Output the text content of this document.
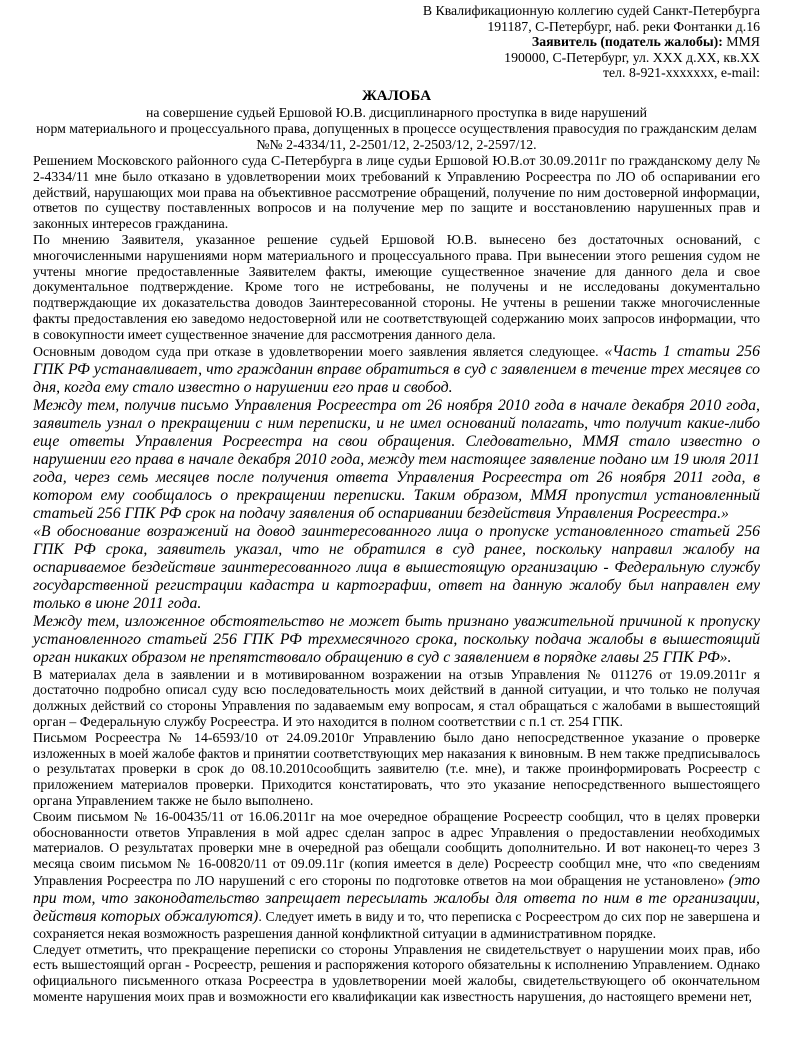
В Квалификационную коллегию судей Санкт-Петербурга
191187, С-Петербург, наб. реки Фонтанки д.16
Заявитель (податель жалобы): ММЯ
190000, С-Петербург, ул. ХХХ д.ХХ, кв.ХХ
тел. 8-921-xxxxxxx, e-mail:
ЖАЛОБА
на совершение судьей Ершовой Ю.В. дисциплинарного проступка в виде нарушений
норм материального и процессуального права, допущенных в процессе осуществления правосудия по гражданским делам
№№ 2-4334/11, 2-2501/12, 2-2503/12, 2-2597/12.

Решением Московского районного суда С-Петербурга в лице судьи Ершовой Ю.В.от 30.09.2011г по гражданскому делу № 2-4334/11 мне было отказано в удовлетворении моих требований к Управлению Росреестра по ЛО об оспаривании его действий, нарушающих мои права на объективное рассмотрение обращений, получение по ним достоверной информации, ответов по существу поставленных вопросов и на получение мер по защите и восстановлению нарушенных прав и законных интересов гражданина.

По мнению Заявителя, указанное решение судьей Ершовой Ю.В. вынесено без достаточных оснований, с многочисленными нарушениями норм материального и процессуального права. При вынесении этого решения судом не учтены многие предоставленные Заявителем факты, имеющие существенное значение для данного дела и свое документальное подтверждение. Кроме того не истребованы, не получены и не исследованы документально подтверждающие их доказательства доводов Заинтересованной стороны. Не учтены в решении также многочисленные факты предоставления ею заведомо недостоверной или не соответствующей содержанию моих запросов информации, что в совокупности имеет существенное значение для рассмотрения данного дела.

Основным доводом суда при отказе в удовлетворении моего заявления является следующее. «Часть 1 статьи 256 ГПК РФ устанавливает, что гражданин вправе обратиться в суд с заявлением в течение трех месяцев со дня, когда ему стало известно о нарушении его прав и свобод.

Между тем, получив письмо Управления Росреестра от 26 ноября 2010 года в начале декабря 2010 года, заявитель узнал о прекращении с ним переписки, и не имел оснований полагать, что получит какие-либо еще ответы Управления Росреестра на свои обращения. Следовательно, ММЯ стало известно о нарушении его права в начале декабря 2010 года, между тем настоящее заявление подано им 19 июля 2011 года, через семь месяцев после получения ответа Управления Росреестра от 26 ноября 2011 года, в котором ему сообщалось о прекращении переписки. Таким образом, ММЯ пропустил установленный статьей 256 ГПК РФ срок на подачу заявления об оспаривании бездействия Управления Росреестра.»

«В обоснование возражений на довод заинтересованного лица о пропуске установленного статьей 256 ГПК РФ срока, заявитель указал, что не обратился в суд ранее, поскольку направил жалобу на оспариваемое бездействие заинтересованного лица в вышестоящую организацию - Федеральную службу государственной регистрации кадастра и картографии, ответ на данную жалобу был направлен ему только в июне 2011 года.

Между тем, изложенное обстоятельство не может быть признано уважительной причиной к пропуску установленного статьей 256 ГПК РФ трехмесячного срока, поскольку подача жалобы в вышестоящий орган никаких образом не препятствовало обращению в суд с заявлением в порядке главы 25 ГПК РФ».

В материалах дела в заявлении и в мотивированном возражении на отзыв Управления № 011276 от 19.09.2011г я достаточно подробно описал суду всю последовательность моих действий в данной ситуации, и что только не получая должных действий со стороны Управления по задаваемым ему вопросам, я стал обращаться с жалобами в вышестоящий орган – Федеральную службу Росреестра. И это находится в полном соответствии с п.1 ст. 254 ГПК.

Письмом Росреестра № 14-6593/10 от 24.09.2010г Управлению было дано непосредственное указание о проверке изложенных в моей жалобе фактов и принятии соответствующих мер наказания к виновным. В нем также предписывалось о результатах проверки в срок до 08.10.2010сообщить заявителю (т.е. мне), и также проинформировать Росреестр с приложением материалов проверки. Приходится констатировать, что это указание непосредственного вышестоящего органа Управлением также не было выполнено.

Своим письмом № 16-00435/11 от 16.06.2011г на мое очередное обращение Росреестр сообщил, что в целях проверки обоснованности ответов Управления в мой адрес сделан запрос в адрес Управления о предоставлении необходимых материалов. О результатах проверки мне в очередной раз обещали сообщить дополнительно. И вот наконец-то через 3 месяца своим письмом № 16-00820/11 от 09.09.11г (копия имеется в деле) Росреестр сообщил мне, что «по сведениям Управления Росреестра по ЛО нарушений с его стороны по подготовке ответов на мои обращения не установлено» (это при том, что законодательство запрещает пересылать жалобы для ответа по ним в те организации, действия которых обжалуются). Следует иметь в виду и то, что переписка с Росреестром до сих пор не завершена и сохраняется некая возможность разрешения данной конфликтной ситуации в административном порядке.

Следует отметить, что прекращение переписки со стороны Управления не свидетельствует о нарушении моих прав, ибо есть вышестоящий орган - Росреестр, решения и распоряжения которого обязательны к исполнению Управлением. Однако официального письменного отказа Росреестра в удовлетворении моей жалобы, свидетельствующего об окончательном моменте нарушения моих прав и возможности его квалификации как известность нарушения, до настоящего времени нет,
